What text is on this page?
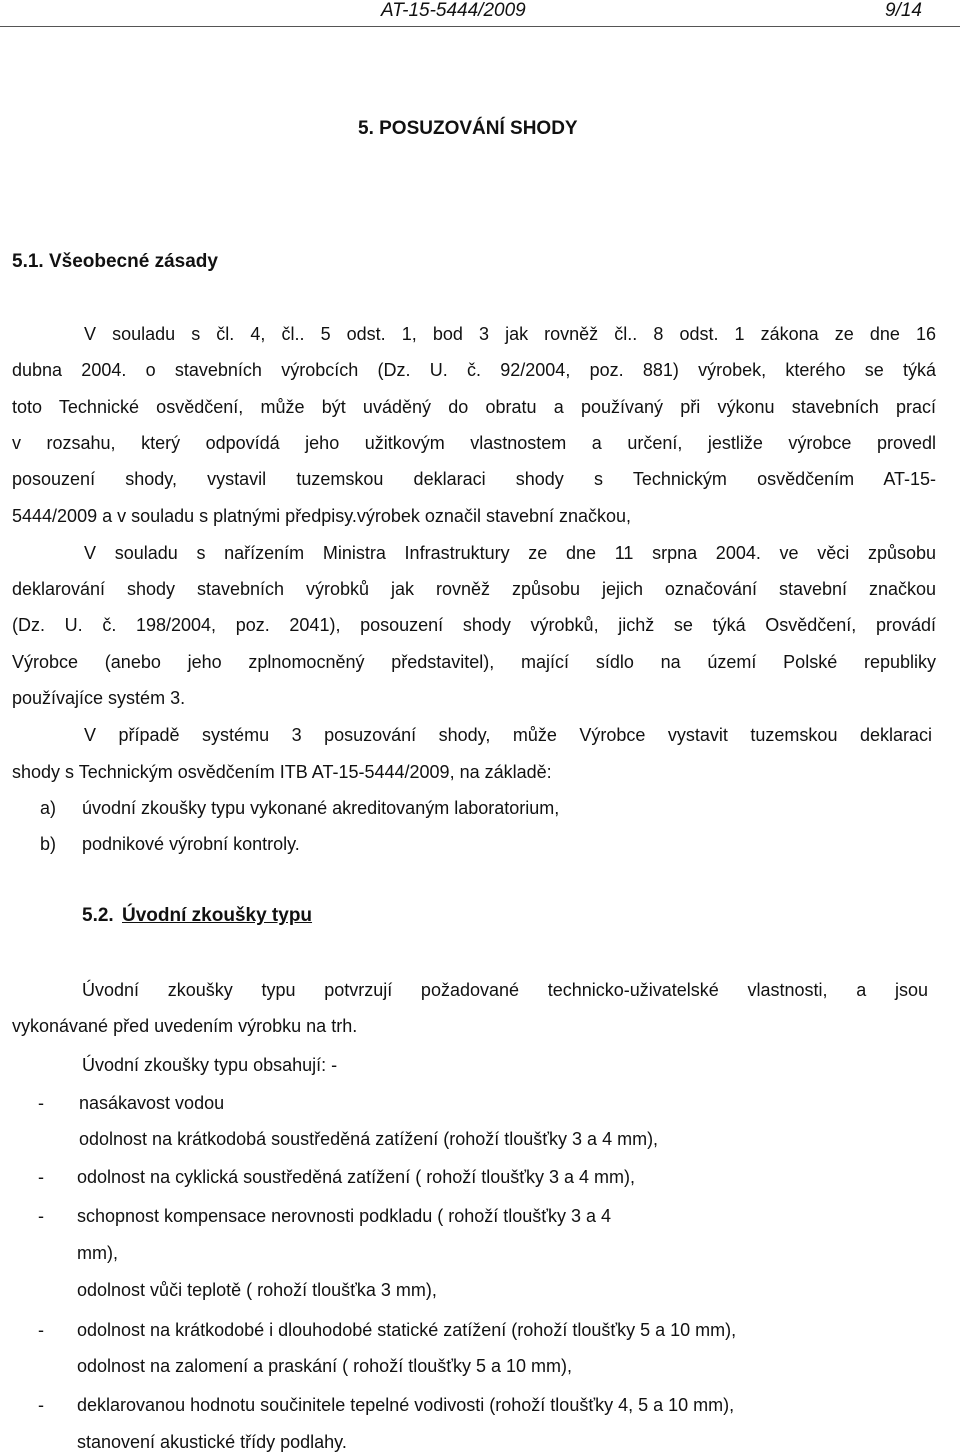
AT-15-5444/2009	9/14
5. POSUZOVÁNÍ SHODY
5.1. Všeobecné zásady
V souladu s čl. 4, čl.. 5 odst. 1, bod 3 jak rovněž čl.. 8 odst. 1 zákona ze dne 16
dubna 2004. o stavebních výrobcích (Dz. U. č. 92/2004, poz. 881) výrobek, kterého se týká
toto Technické osvědčení, může být uváděný do obratu a používaný při výkonu stavebních prací
v rozsahu, který odpovídá jeho užitkovým vlastnostem a určení, jestliže výrobce provedl
posouzení shody, vystavil tuzemskou deklaraci shody s Technickým osvědčením AT-15-
5444/2009 a v souladu s platnými předpisy.výrobek označil stavební značkou,
V souladu s nařízením Ministra Infrastruktury ze dne 11 srpna 2004. ve věci způsobu
deklarování shody stavebních výrobků jak rovněž způsobu jejich označování stavební značkou
(Dz. U. č. 198/2004, poz. 2041), posouzení shody výrobků, jichž se týká Osvědčení, provádí
Výrobce (anebo jeho zplnomocněný představitel), mající sídlo na území Polské republiky
používajíce systém 3.
V případě systému 3 posuzování shody, může Výrobce vystavit tuzemskou deklaraci
shody s Technickým osvědčením ITB AT-15-5444/2009, na základě:
a) úvodní zkoušky typu vykonané akreditovaným laboratorium,
b) podnikové výrobní kontroly.
5.2. Úvodní zkoušky typu
Úvodní zkoušky typu potvrzují požadované technicko-uživatelské vlastnosti, a jsou
vykonávané před uvedením výrobku na trh.
Úvodní zkoušky typu obsahují: -
- nasákavost vodou
odolnost na krátkodobá soustředěná zatížení (rohoží tloušťky 3 a 4 mm),
- odolnost na cyklická soustředěná zatížení ( rohoží tloušťky 3 a 4 mm),
- schopnost kompensace nerovnosti podkladu ( rohoží tloušťky 3 a 4
mm),
odolnost vůči teplotě ( rohoží tloušťka 3 mm),
- odolnost na krátkodobé i dlouhodobé statické zatížení (rohoží tloušťky 5 a 10 mm),
odolnost na zalomení a praskání ( rohoží tloušťky 5 a 10 mm),
- deklarovanou hodnotu součinitele tepelné vodivosti (rohoží tloušťky 4, 5 a 10 mm),
stanovení akustické třídy podlahy.
